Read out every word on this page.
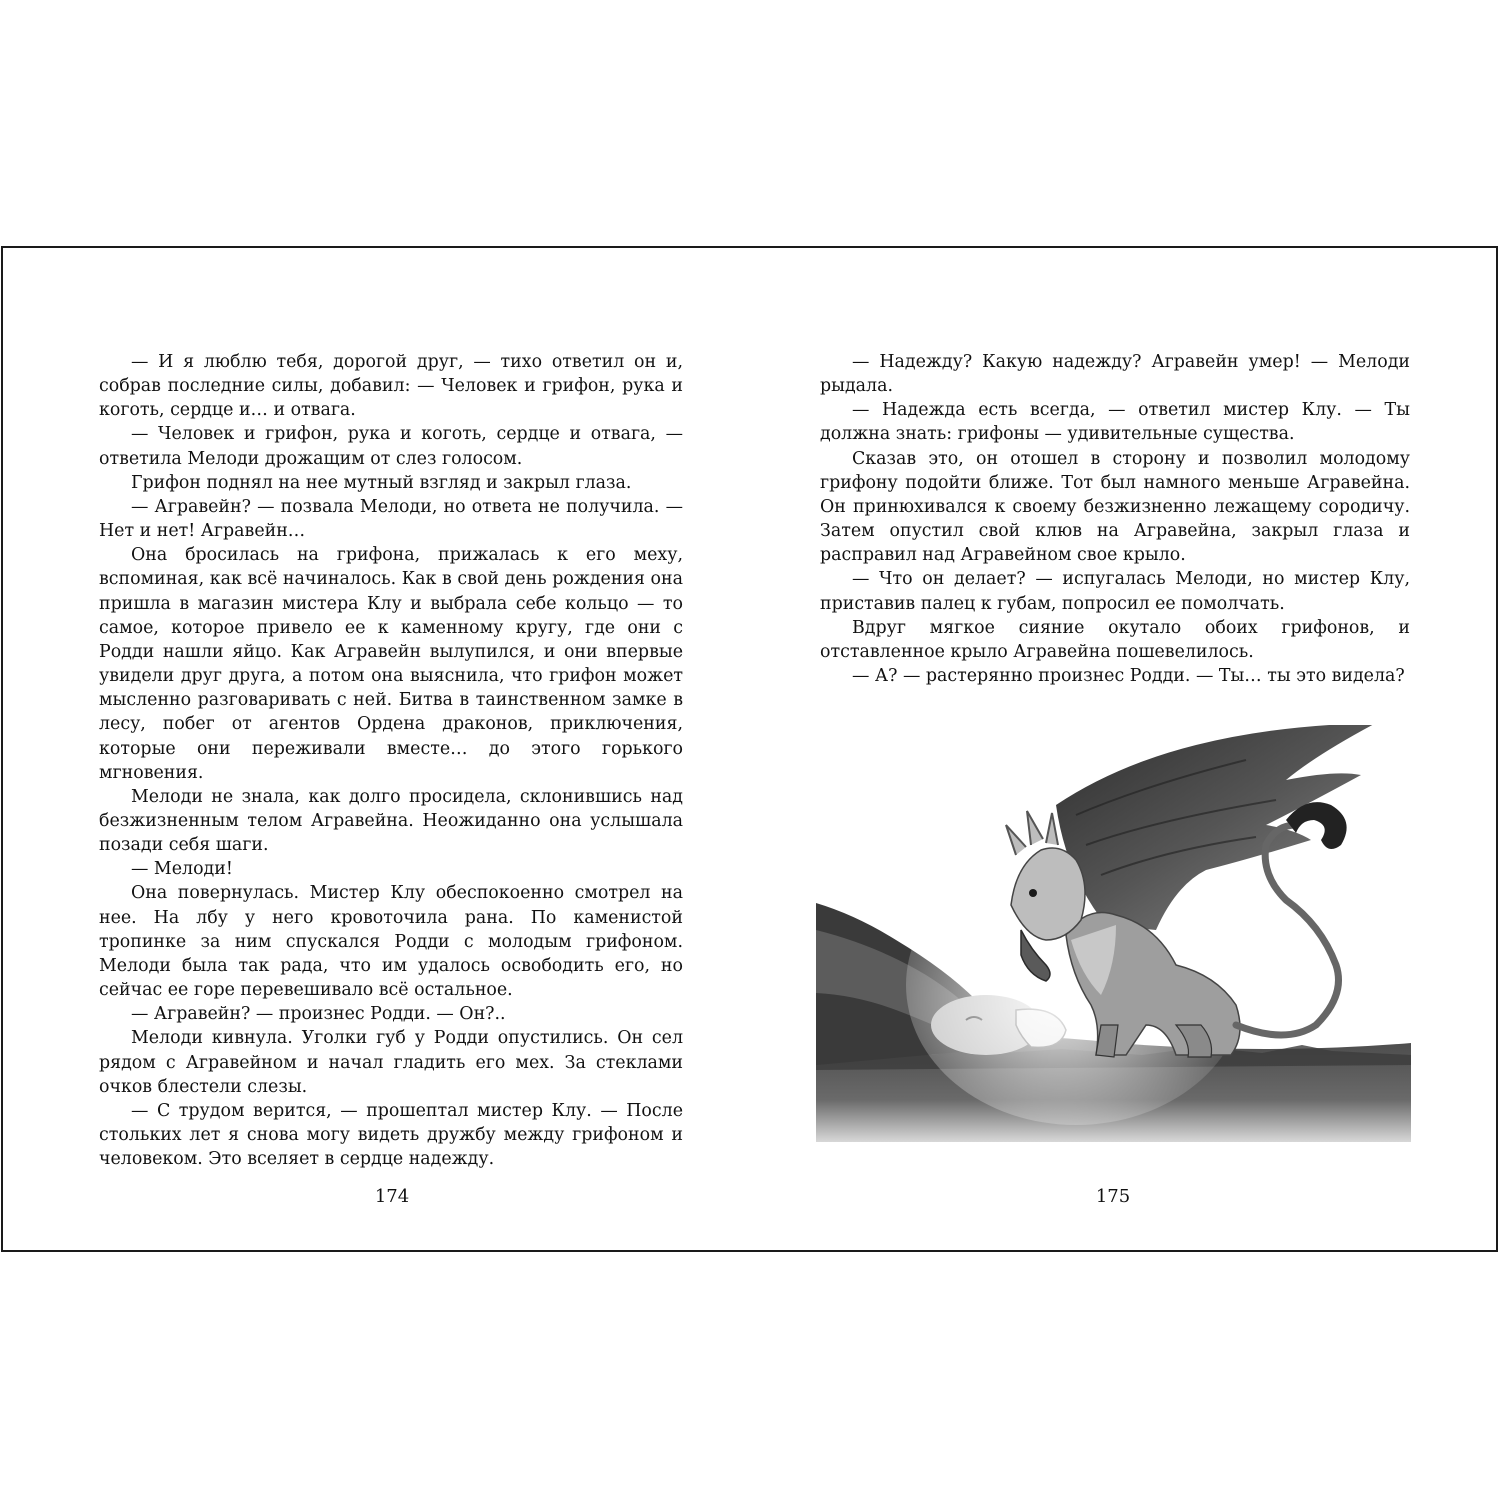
— И я люблю тебя, дорогой друг, — тихо ответил он и, собрав последние силы, добавил: — Человек и грифон, рука и коготь, сердце и… и отвага.

— Человек и грифон, рука и коготь, сердце и отвага, — ответила Мелоди дрожащим от слез голосом.

Грифон поднял на нее мутный взгляд и закрыл глаза.

— Агравейн? — позвала Мелоди, но ответа не получила. — Нет и нет! Агравейн…

Она бросилась на грифона, прижалась к его меху, вспоминая, как всё начиналось. Как в свой день рождения она пришла в магазин мистера Клу и выбрала себе кольцо — то самое, которое привело ее к каменному кругу, где они с Родди нашли яйцо. Как Агравейн вылупился, и они впервые увидели друг друга, а потом она выяснила, что грифон может мысленно разговаривать с ней. Битва в таинственном замке в лесу, побег от агентов Ордена драконов, приключения, которые они переживали вместе… до этого горького мгновения.

Мелоди не знала, как долго просидела, склонившись над безжизненным телом Агравейна. Неожиданно она услышала позади себя шаги.

— Мелоди!

Она повернулась. Мистер Клу обеспокоенно смотрел на нее. На лбу у него кровоточила рана. По каменистой тропинке за ним спускался Родди с молодым грифоном. Мелоди была так рада, что им удалось освободить его, но сейчас ее горе перевешивало всё остальное.

— Агравейн? — произнес Родди. — Он?..

Мелоди кивнула. Уголки губ у Родди опустились. Он сел рядом с Агравейном и начал гладить его мех. За стеклами очков блестели слезы.

— С трудом верится, — прошептал мистер Клу. — После стольких лет я снова могу видеть дружбу между грифоном и человеком. Это вселяет в сердце надежду.

— Надежду? Какую надежду? Агравейн умер! — Мелоди рыдала.

— Надежда есть всегда, — ответил мистер Клу. — Ты должна знать: грифоны — удивительные существа.

Сказав это, он отошел в сторону и позволил молодому грифону подойти ближе. Тот был намного меньше Агравейна. Он принюхивался к своему безжизненно лежащему сородичу. Затем опустил свой клюв на Агравейна, закрыл глаза и расправил над Агравейном свое крыло.

— Что он делает? — испугалась Мелоди, но мистер Клу, приставив палец к губам, попросил ее помолчать.

Вдруг мягкое сияние окутало обоих грифонов, и отставленное крыло Агравейна пошевелилось.

— А? — растерянно произнес Родди. — Ты… ты это видела?

174	175
